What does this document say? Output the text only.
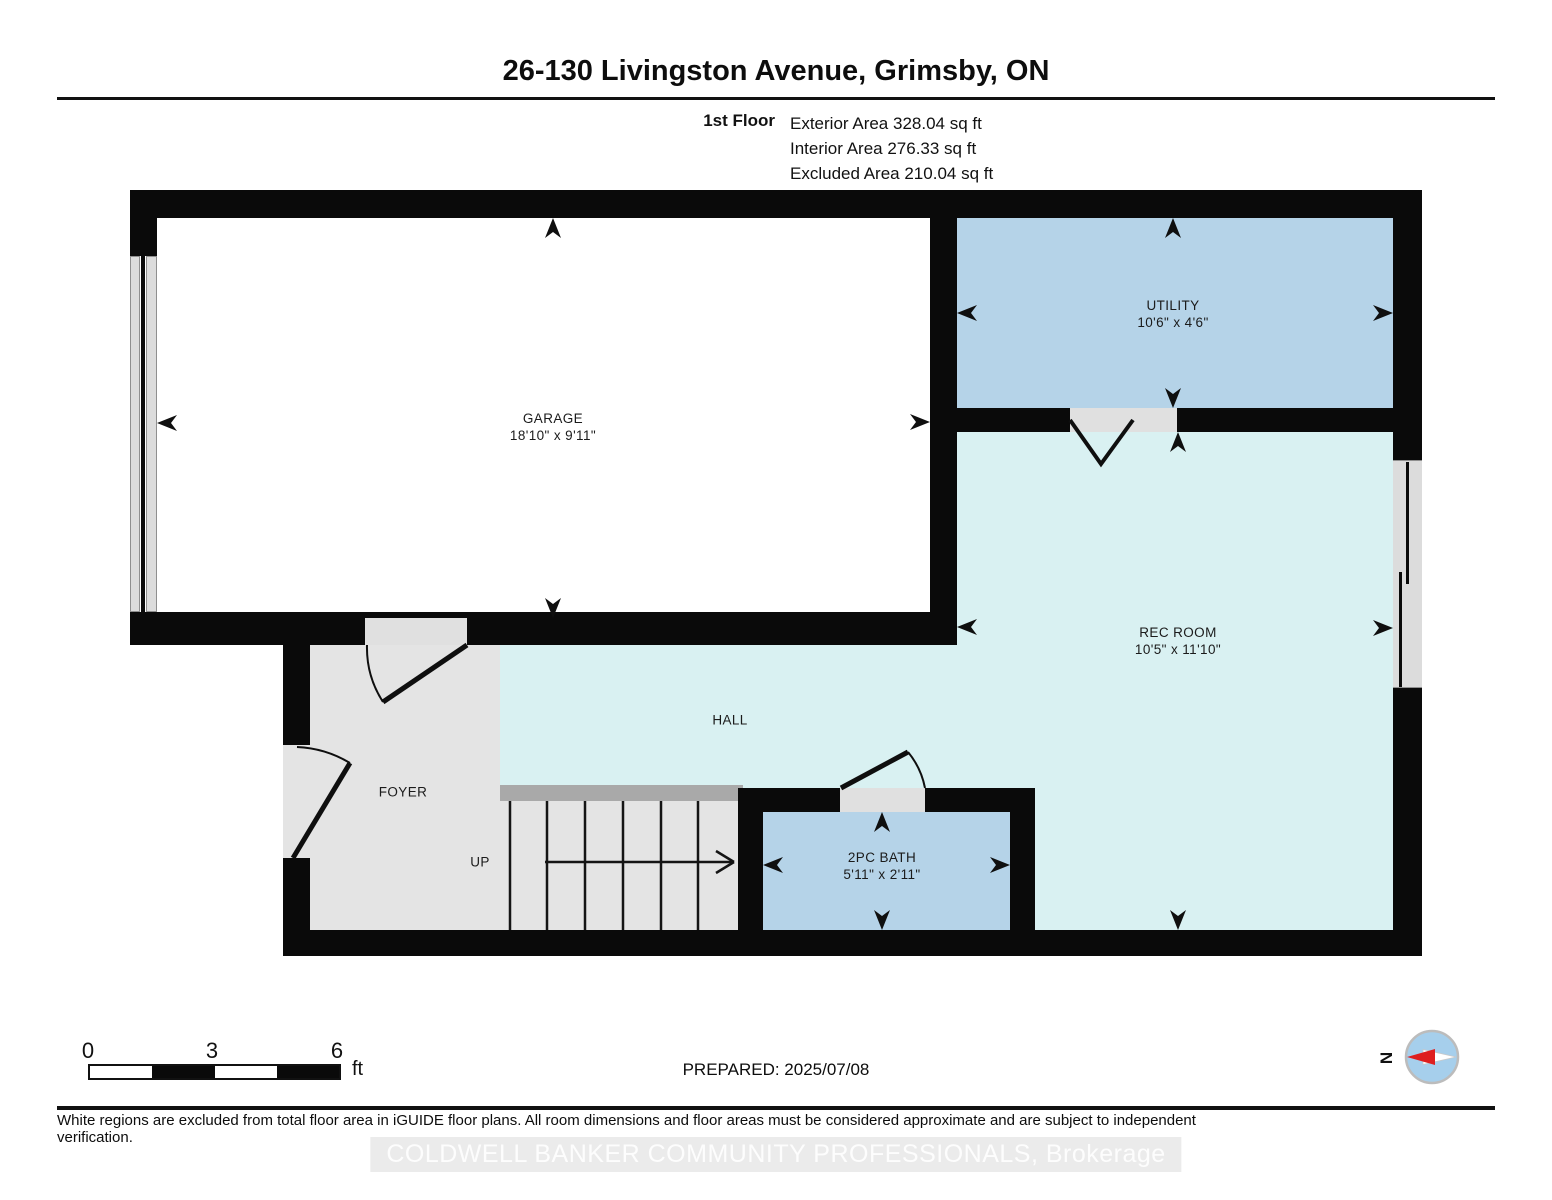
26-130 Livingston Avenue, Grimsby, ON
1st Floor Exterior Area 328.04 sq ft
Interior Area 276.33 sq ft
Excluded Area 210.04 sq ft
GARAGE
18'10" x 9'11"
UTILITY
10'6" x 4'6"
REC ROOM
10'5" x 11'10"
HALL
FOYER
UP	2PC BATH
5'11" x 2'11"
0	3	6
ft	PREPARED: 2025/07/08
N
White regions are excluded from total floor area in iGUIDE floor plans. All room dimensions and floor areas must be considered approximate and are subject to independent verification.
COLDWELL BANKER COMMUNITY PROFESSIONALS, Brokerage
